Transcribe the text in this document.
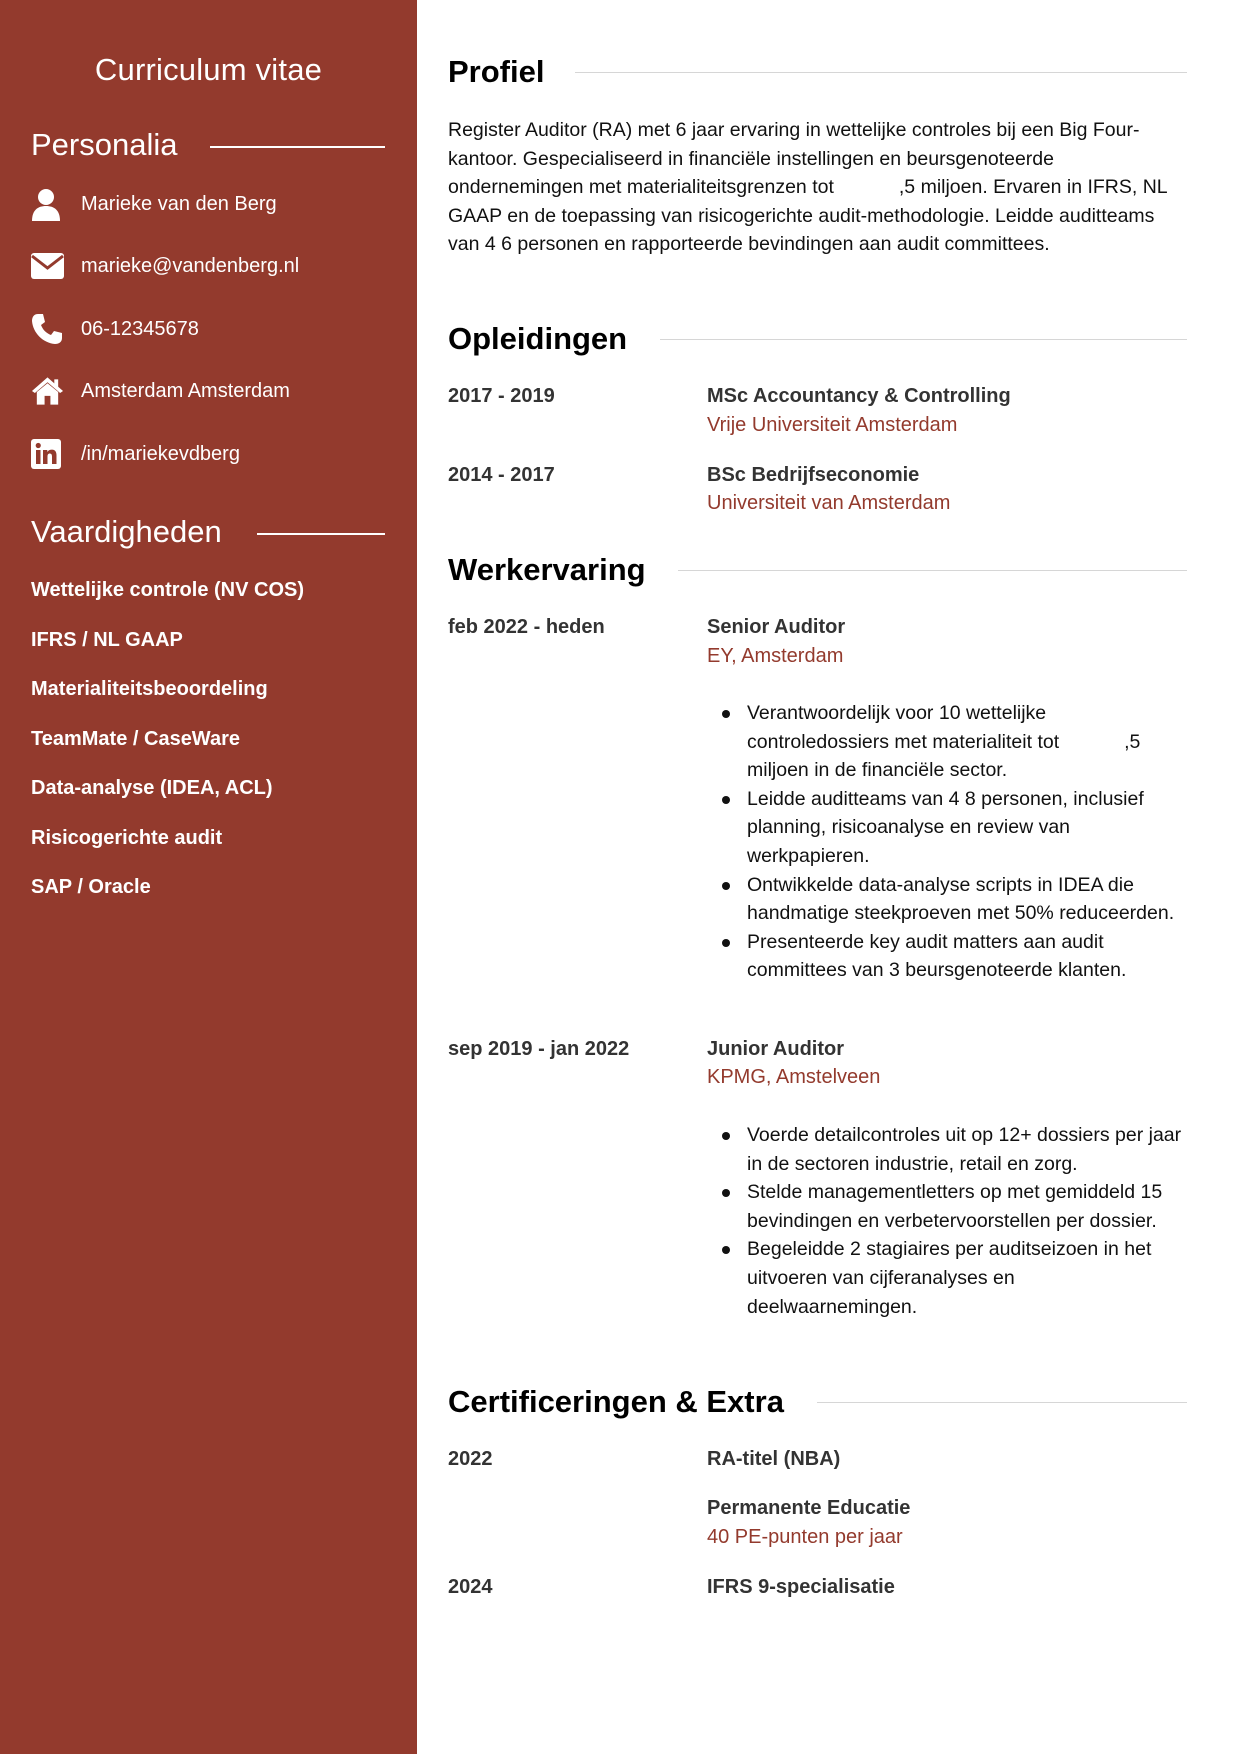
Curriculum vitae
Personalia
Marieke van den Berg
marieke@vandenberg.nl
06-12345678
Amsterdam Amsterdam
/in/mariekevdberg
Vaardigheden
Wettelijke controle (NV COS)
IFRS / NL GAAP
Materialiteitsbeoordeling
TeamMate / CaseWare
Data-analyse (IDEA, ACL)
Risicogerichte audit
SAP / Oracle
Profiel
Register Auditor (RA) met 6 jaar ervaring in wettelijke controles bij een Big Four-kantoor. Gespecialiseerd in financiële instellingen en beursgenoteerde ondernemingen met materialiteitsgrenzen tot            ,5 miljoen. Ervaren in IFRS, NL GAAP en de toepassing van risicogerichte audit-methodologie. Leidde auditteams van 4 6 personen en rapporteerde bevindingen aan audit committees.
Opleidingen
2017 - 2019	MSc Accountancy & Controlling
Vrije Universiteit Amsterdam
2014 - 2017	BSc Bedrijfseconomie
Universiteit van Amsterdam
Werkervaring
feb 2022 - heden	Senior Auditor
EY, Amsterdam
Verantwoordelijk voor 10 wettelijke controledossiers met materialiteit tot            ,5 miljoen in de financiële sector.
Leidde auditteams van 4 8 personen, inclusief planning, risicoanalyse en review van werkpapieren.
Ontwikkelde data-analyse scripts in IDEA die handmatige steekproeven met 50% reduceerden.
Presenteerde key audit matters aan audit committees van 3 beursgenoteerde klanten.
sep 2019 - jan 2022	Junior Auditor
KPMG, Amstelveen
Voerde detailcontroles uit op 12+ dossiers per jaar in de sectoren industrie, retail en zorg.
Stelde managementletters op met gemiddeld 15 bevindingen en verbetervoorstellen per dossier.
Begeleidde 2 stagiaires per auditseizoen in het uitvoeren van cijferanalyses en deelwaarnemingen.
Certificeringen & Extra
2022	RA-titel (NBA)
Permanente Educatie
40 PE-punten per jaar
2024	IFRS 9-specialisatie
